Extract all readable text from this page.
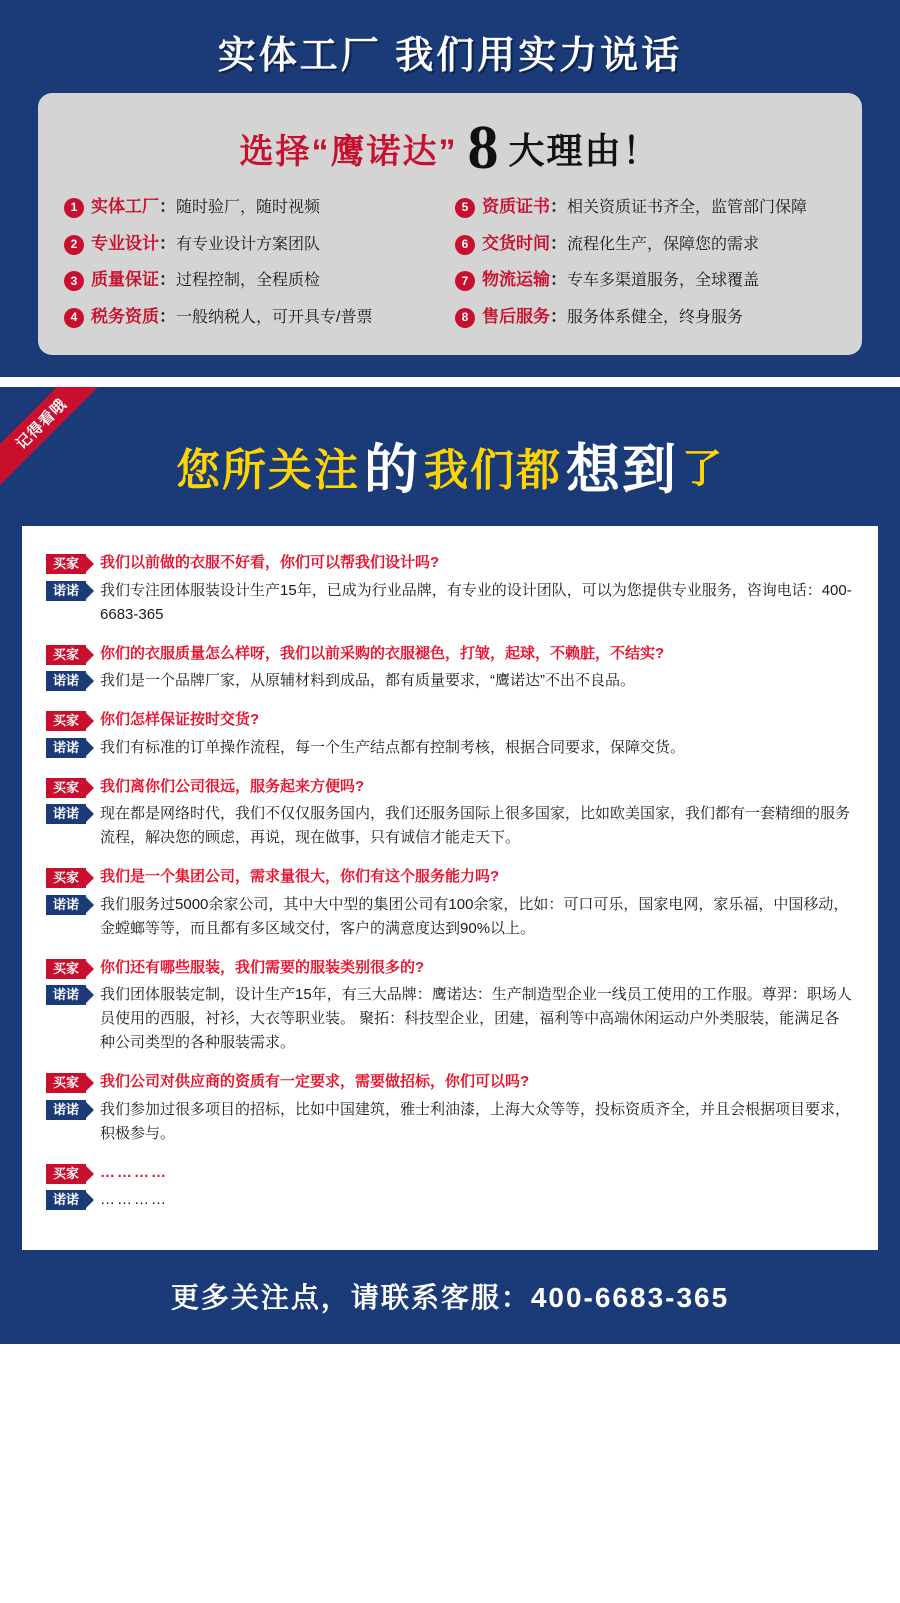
实体工厂 我们用实力说话
选择“鹰诺达” 8 大理由！
1 实体工厂：随时验厂，随时视频	5 资质证书：相关资质证书齐全，监管部门保障
2 专业设计：有专业设计方案团队	6 交货时间：流程化生产，保障您的需求
3 质量保证：过程控制，全程质检	7 物流运输：专车多渠道服务，全球覆盖
4 税务资质：一般纳税人，可开具专/普票	8 售后服务：服务体系健全，终身服务
记得看哦
您所关注的我们都想到 了
买家	我们以前做的衣服不好看，你们可以帮我们设计吗?
诺诺	我们专注团体服装设计生产15年，已成为行业品牌，有专业的设计团队，可以为您提供专业服务，咨询电话：400-6683-365
买家	你们的衣服质量怎么样呀，我们以前采购的衣服褪色，打皱，起球，不赖脏，不结实?
诺诺	我们是一个品牌厂家，从原辅材料到成品，都有质量要求，“鹰诺达”不出不良品。
买家	你们怎样保证按时交货?
诺诺	我们有标准的订单操作流程，每一个生产结点都有控制考核，根据合同要求，保障交货。
买家	我们离你们公司很远，服务起来方便吗?
诺诺	现在都是网络时代，我们不仅仅服务国内，我们还服务国际上很多国家，比如欧美国家，我们都有一套精细的服务流程，解决您的顾虑，再说，现在做事，只有诚信才能走天下。
买家	我们是一个集团公司，需求量很大，你们有这个服务能力吗?
诺诺	我们服务过5000余家公司，其中大中型的集团公司有100余家，比如：可口可乐，国家电网，家乐福，中国移动，金螳螂等等，而且都有多区域交付，客户的满意度达到90%以上。
买家	你们还有哪些服装，我们需要的服装类别很多的?
诺诺	我们团体服装定制，设计生产15年，有三大品牌：鹰诺达：生产制造型企业一线员工使用的工作服。尊羿：职场人员使用的西服，衬衫，大衣等职业装。 聚拓：科技型企业，团建，福利等中高端休闲运动户外类服装，能满足各种公司类型的各种服装需求。
买家	我们公司对供应商的资质有一定要求，需要做招标，你们可以吗?
诺诺	我们参加过很多项目的招标，比如中国建筑，雅士利油漆，上海大众等等，投标资质齐全，并且会根据项目要求，积极参与。
买家	…………
诺诺	…………
更多关注点，请联系客服：400-6683-365
